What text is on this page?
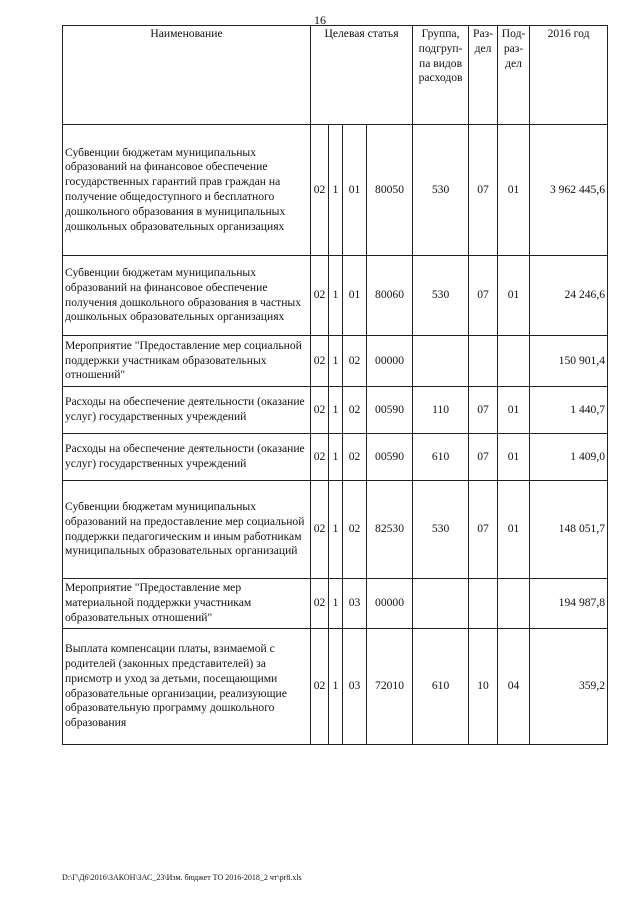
16
Наименование	Целевая статья				Группа, подгруп-па видов расходов	Раз-дел	Под-раз-дел	2016 год
Субвенции бюджетам муниципальных образований на финансовое обеспечение государственных гарантий прав граждан на получение общедоступного и бесплатного дошкольного образования в муниципальных дошкольных образовательных организациях	02	1	01	80050	530	07	01	3 962 445,6
Субвенции бюджетам муниципальных образований на финансовое обеспечение получения дошкольного образования в частных дошкольных образовательных организациях	02	1	01	80060	530	07	01	24 246,6
Мероприятие "Предоставление мер социальной поддержки участникам образовательных отношений"	02	1	02	00000				150 901,4
Расходы на обеспечение деятельности (оказание услуг) государственных учреждений	02	1	02	00590	110	07	01	1 440,7
Расходы на обеспечение деятельности (оказание услуг) государственных учреждений	02	1	02	00590	610	07	01	1 409,0
Субвенции бюджетам муниципальных образований на предоставление мер социальной поддержки педагогическим и иным работникам муниципальных образовательных организаций	02	1	02	82530	530	07	01	148 051,7
Мероприятие "Предоставление мер материальной поддержки участникам образовательных отношений"	02	1	03	00000				194 987,8
Выплата компенсации платы, взимаемой с родителей (законных представителей) за присмотр и уход за детьми, посещающими образовательные организации, реализующие образовательную программу дошкольного образования	02	1	03	72010	610	10	04	359,2
D:\Г\Д6\2016\ЗАКОН\ЗАС_23\Изм. бюджет ТО 2016-2018_2 чт\pr8.xls
